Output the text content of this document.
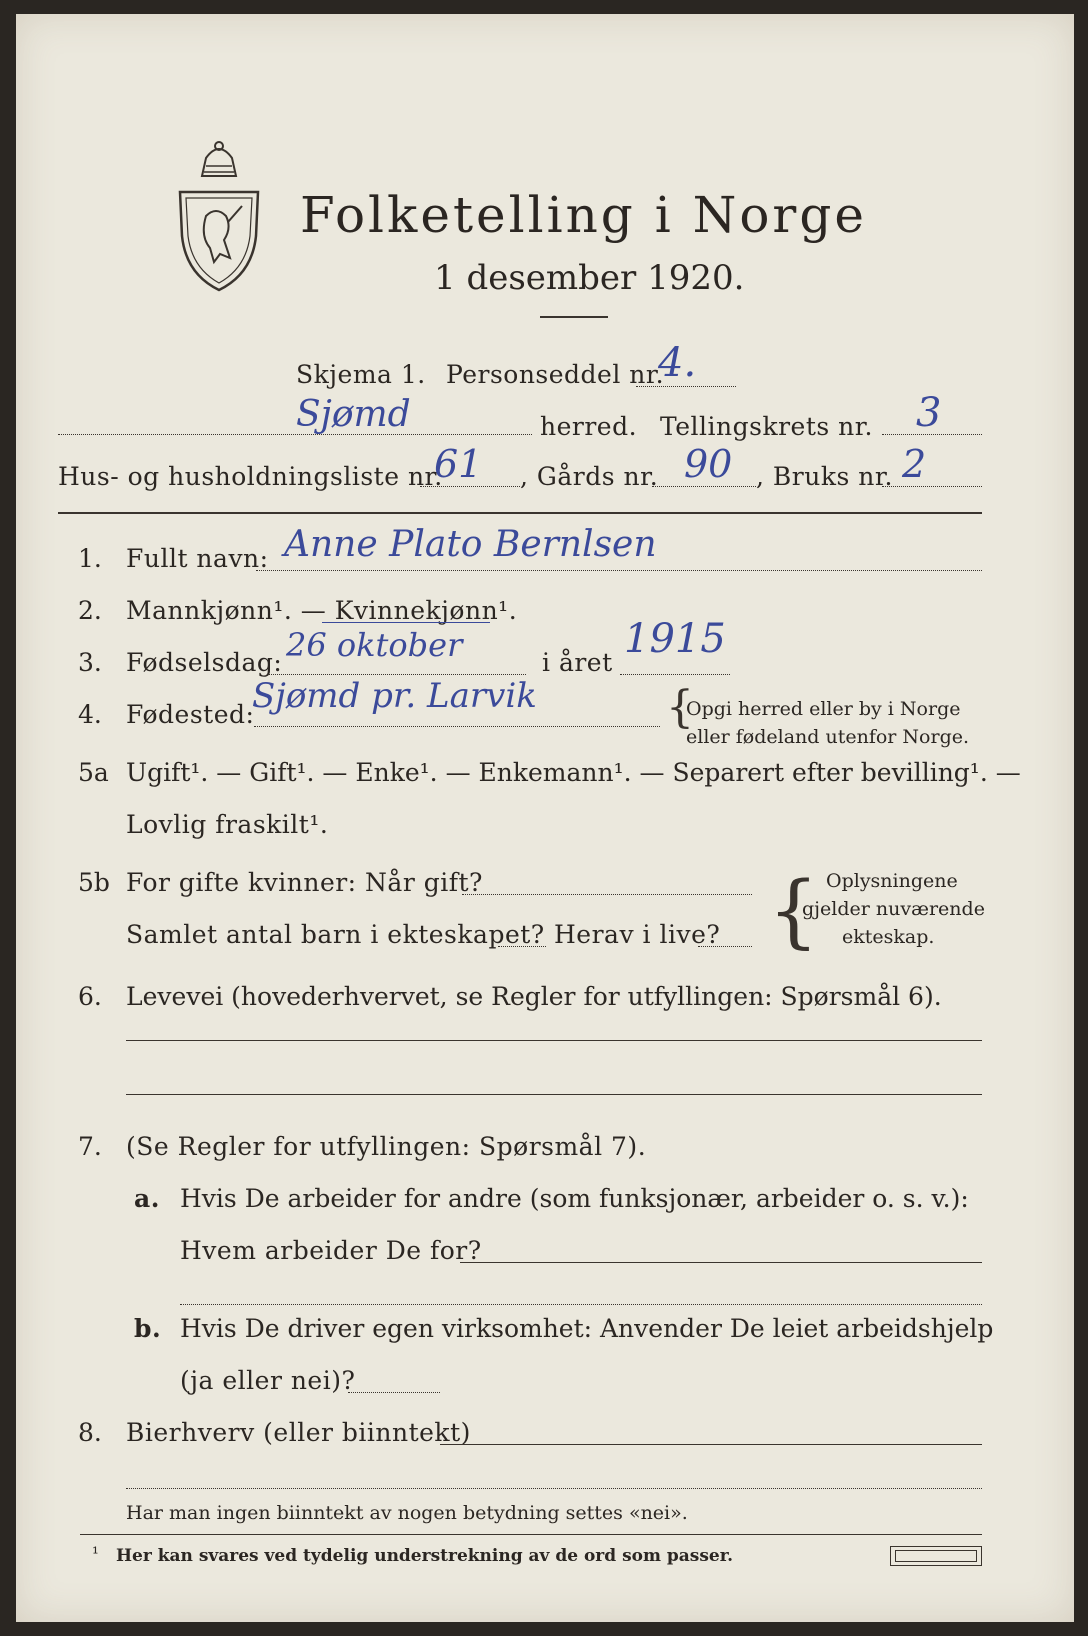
Folketelling i Norge
1 desember 1920.
Skjema 1. Personseddel nr.
4.
Sjømd	herred. Tellingskrets nr. 3
Hus- og husholdningsliste nr.
61 , Gårds nr. 90 , Bruks nr. 2
1. Fullt navn: Anne Plato Bernlsen
2. Mannkjønn¹. — Kvinnekjønn¹.
3. Fødselsdag: 26 oktober	i året
1915
4. Fødested:
Sjømd pr. Larvik	{
Opgi herred eller by i Norge
eller fødeland utenfor Norge.
5a Ugift¹. — Gift¹. — Enke¹. — Enkemann¹. — Separert efter bevilling¹. —
Lovlig fraskilt¹.
5b For gifte kvinner: Når gift?
Samlet antal barn i ekteskapet? Herav i live? { Oplysningene
gjelder nuværende
ekteskap.
6. Levevei (hovederhvervet, se Regler for utfyllingen: Spørsmål 6).
7. (Se Regler for utfyllingen: Spørsmål 7).
a. Hvis De arbeider for andre (som funksjonær, arbeider o. s. v.):
Hvem arbeider De for?
b. Hvis De driver egen virksomhet: Anvender De leiet arbeidshjelp
(ja eller nei)?
8. Bierhverv (eller biinntekt)
Har man ingen biinntekt av nogen betydning settes «nei».
¹ Her kan svares ved tydelig understrekning av de ord som passer.
